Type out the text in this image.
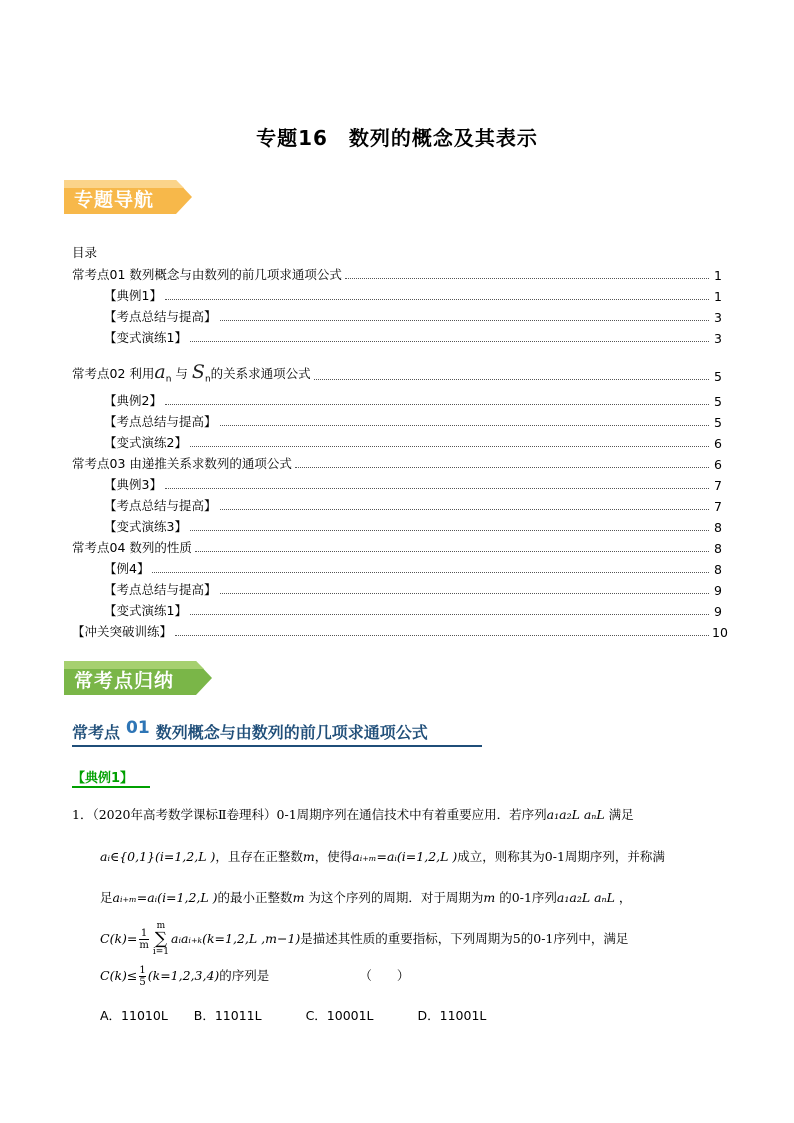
专题16　数列的概念及其表示
专题导航
目录
常考点01 数列概念与由数列的前几项求通项公式	1
【典例1】	1
【考点总结与提高】	3
【变式演练1】	3
常考点02 利用$a_n$ 与 $S_n$的关系求通项公式	5
【典例2】	5
【考点总结与提高】	5
【变式演练2】	6
常考点03 由递推关系求数列的通项公式	6
【典例3】	7
【考点总结与提高】	7
【变式演练3】	8
常考点04 数列的性质	8
【例4】	8
【考点总结与提高】	9
【变式演练1】	9
【冲关突破训练】	10
常考点归纳
常考点 01 数列概念与由数列的前几项求通项公式
【典例1】
1．（2020年高考数学课标Ⅱ卷理科）0-1周期序列在通信技术中有着重要应用．若序列a₁a₂L aₙL 满足
aᵢ∈{0,1}(i=1,2,L )，且存在正整数m，使得aᵢ₊ₘ=aᵢ(i=1,2,L )成立，则称其为0-1周期序列，并称满
足aᵢ₊ₘ=aᵢ(i=1,2,L )的最小正整数m 为这个序列的周期．对于周期为m 的0-1序列a₁a₂L aₙL ，
$C(k)= \frac{1}{m}$
m
∑
i=1
aᵢaᵢ₊ₖ(k=1,2,L ,m−1)是描述其性质的重要指标，下列周期为5的0-1序列中，满足
$C(k)\le \frac{1}{5} (k=1,2,3,4)$的序列是	（　　）
A．11010L B．11011L	C．10001L	D．11001L
